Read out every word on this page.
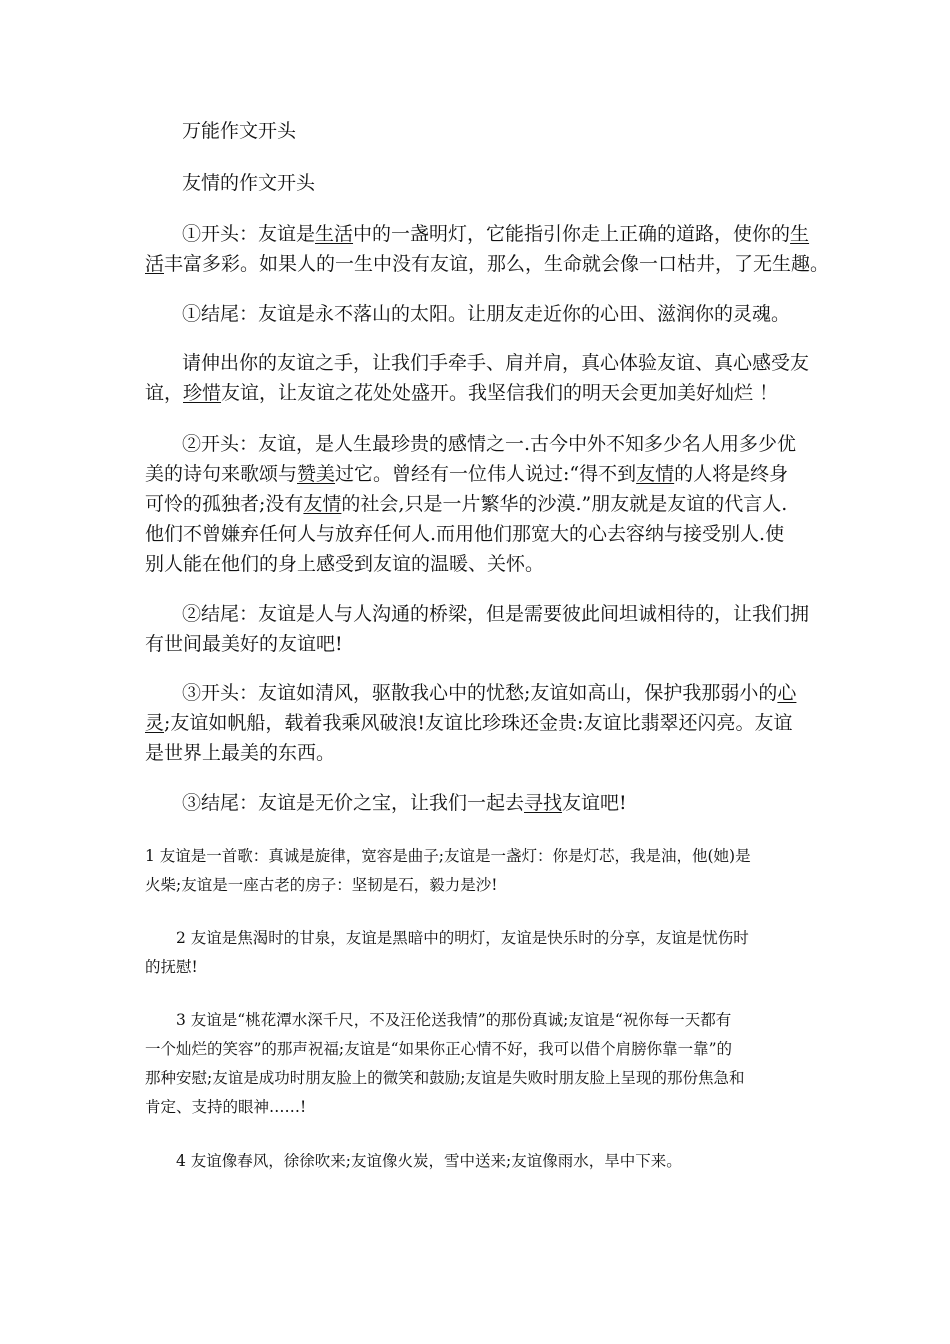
万能作文开头
友情的作文开头
①开头：友谊是生活中的一盏明灯，它能指引你走上正确的道路，使你的生
活丰富多彩。如果人的一生中没有友谊，那么，生命就会像一口枯井，了无生趣。
①结尾：友谊是永不落山的太阳。让朋友走近你的心田、滋润你的灵魂。
请伸出你的友谊之手，让我们手牵手、肩并肩，真心体验友谊、真心感受友
谊，珍惜友谊，让友谊之花处处盛开。我坚信我们的明天会更加美好灿烂 ！
②开头：友谊，是人生最珍贵的感情之一.古今中外不知多少名人用多少优
美的诗句来歌颂与赞美过它。曾经有一位伟人说过:“得不到友情的人将是终身
可怜的孤独者;没有友情的社会,只是一片繁华的沙漠.”朋友就是友谊的代言人.
他们不曾嫌弃任何人与放弃任何人.而用他们那宽大的心去容纳与接受别人.使
别人能在他们的身上感受到友谊的温暖、关怀。
②结尾：友谊是人与人沟通的桥梁，但是需要彼此间坦诚相待的，让我们拥
有世间最美好的友谊吧!
③开头：友谊如清风，驱散我心中的忧愁;友谊如高山，保护我那弱小的心
灵;友谊如帆船，载着我乘风破浪!友谊比珍珠还金贵:友谊比翡翠还闪亮。友谊
是世界上最美的东西。
③结尾：友谊是无价之宝，让我们一起去寻找友谊吧!
1 友谊是一首歌：真诚是旋律，宽容是曲子;友谊是一盏灯：你是灯芯，我是油，他(她)是
火柴;友谊是一座古老的房子：坚韧是石，毅力是沙!
2 友谊是焦渴时的甘泉，友谊是黑暗中的明灯，友谊是快乐时的分享，友谊是忧伤时
的抚慰!
3 友谊是“桃花潭水深千尺，不及汪伦送我情”的那份真诚;友谊是“祝你每一天都有
一个灿烂的笑容”的那声祝福;友谊是“如果你正心情不好，我可以借个肩膀你靠一靠”的
那种安慰;友谊是成功时朋友脸上的微笑和鼓励;友谊是失败时朋友脸上呈现的那份焦急和
肯定、支持的眼神……!
4 友谊像春风，徐徐吹来;友谊像火炭，雪中送来;友谊像雨水，旱中下来。
